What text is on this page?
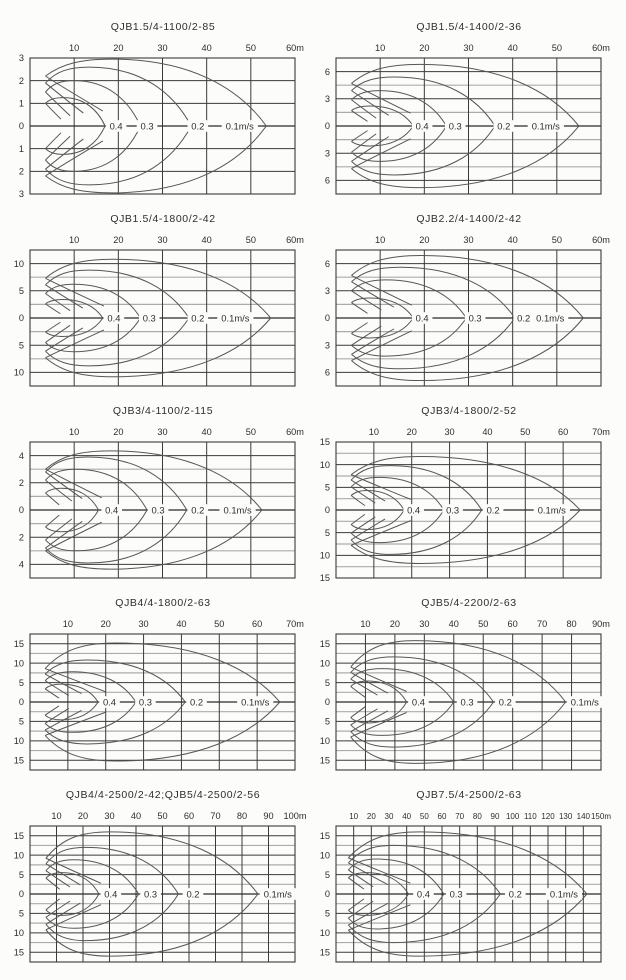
QJB1.5/4-1100/2-85
10	20	30	40	50	60m
0
1
1
2
2
3
3
0.4 0.3	0.2 0.1m/s
QJB1.5/4-1400/2-36
10	20	30	40	50	60m
0
3
3
6
6
0.4 0.3	0.2 0.1m/s
QJB1.5/4-1800/2-42
10	20	30	40	50	60m
0
5
5
10
10
0.4 0.3	0.2 0.1m/s
QJB2.2/4-1400/2-42
10	20	30	40	50	60m
0
3
3
6
6
0.4	0.3	0.2 0.1m/s
QJB3/4-1100/2-115
10	20	30	40	50	60m
0
2
2
4
4
0.4	0.3	0.2 0.1m/s
QJB3/4-1800/2-52
10	20	30	40	50	60	70m
0
5
5
10
10
15
15
0.4	0.3	0.2	0.1m/s
QJB4/4-1800/2-63
10	20	30	40	50	60	70m
0
5
5
10
10
15
15
0.4 0.3	0.2	0.1m/s
QJB5/4-2200/2-63
10 20 30 40 50 60 70 80 90m
0
5
5
10
10
15
15
0.4	0.3	0.2	0.1m/s
QJB4/4-2500/2-42;QJB5/4-2500/2-56
10 20 30 40 50 60 70 80 90 100m
0
5
5
10
10
15
15
0.4	0.3	0.2	0.1m/s
QJB7.5/4-2500/2-63
10 20 30 40 50 60 70 80 90 100 110 120 130 140 150m
0
5
5
10
10
15
15
0.4 0.3	0.2	0.1m/s
